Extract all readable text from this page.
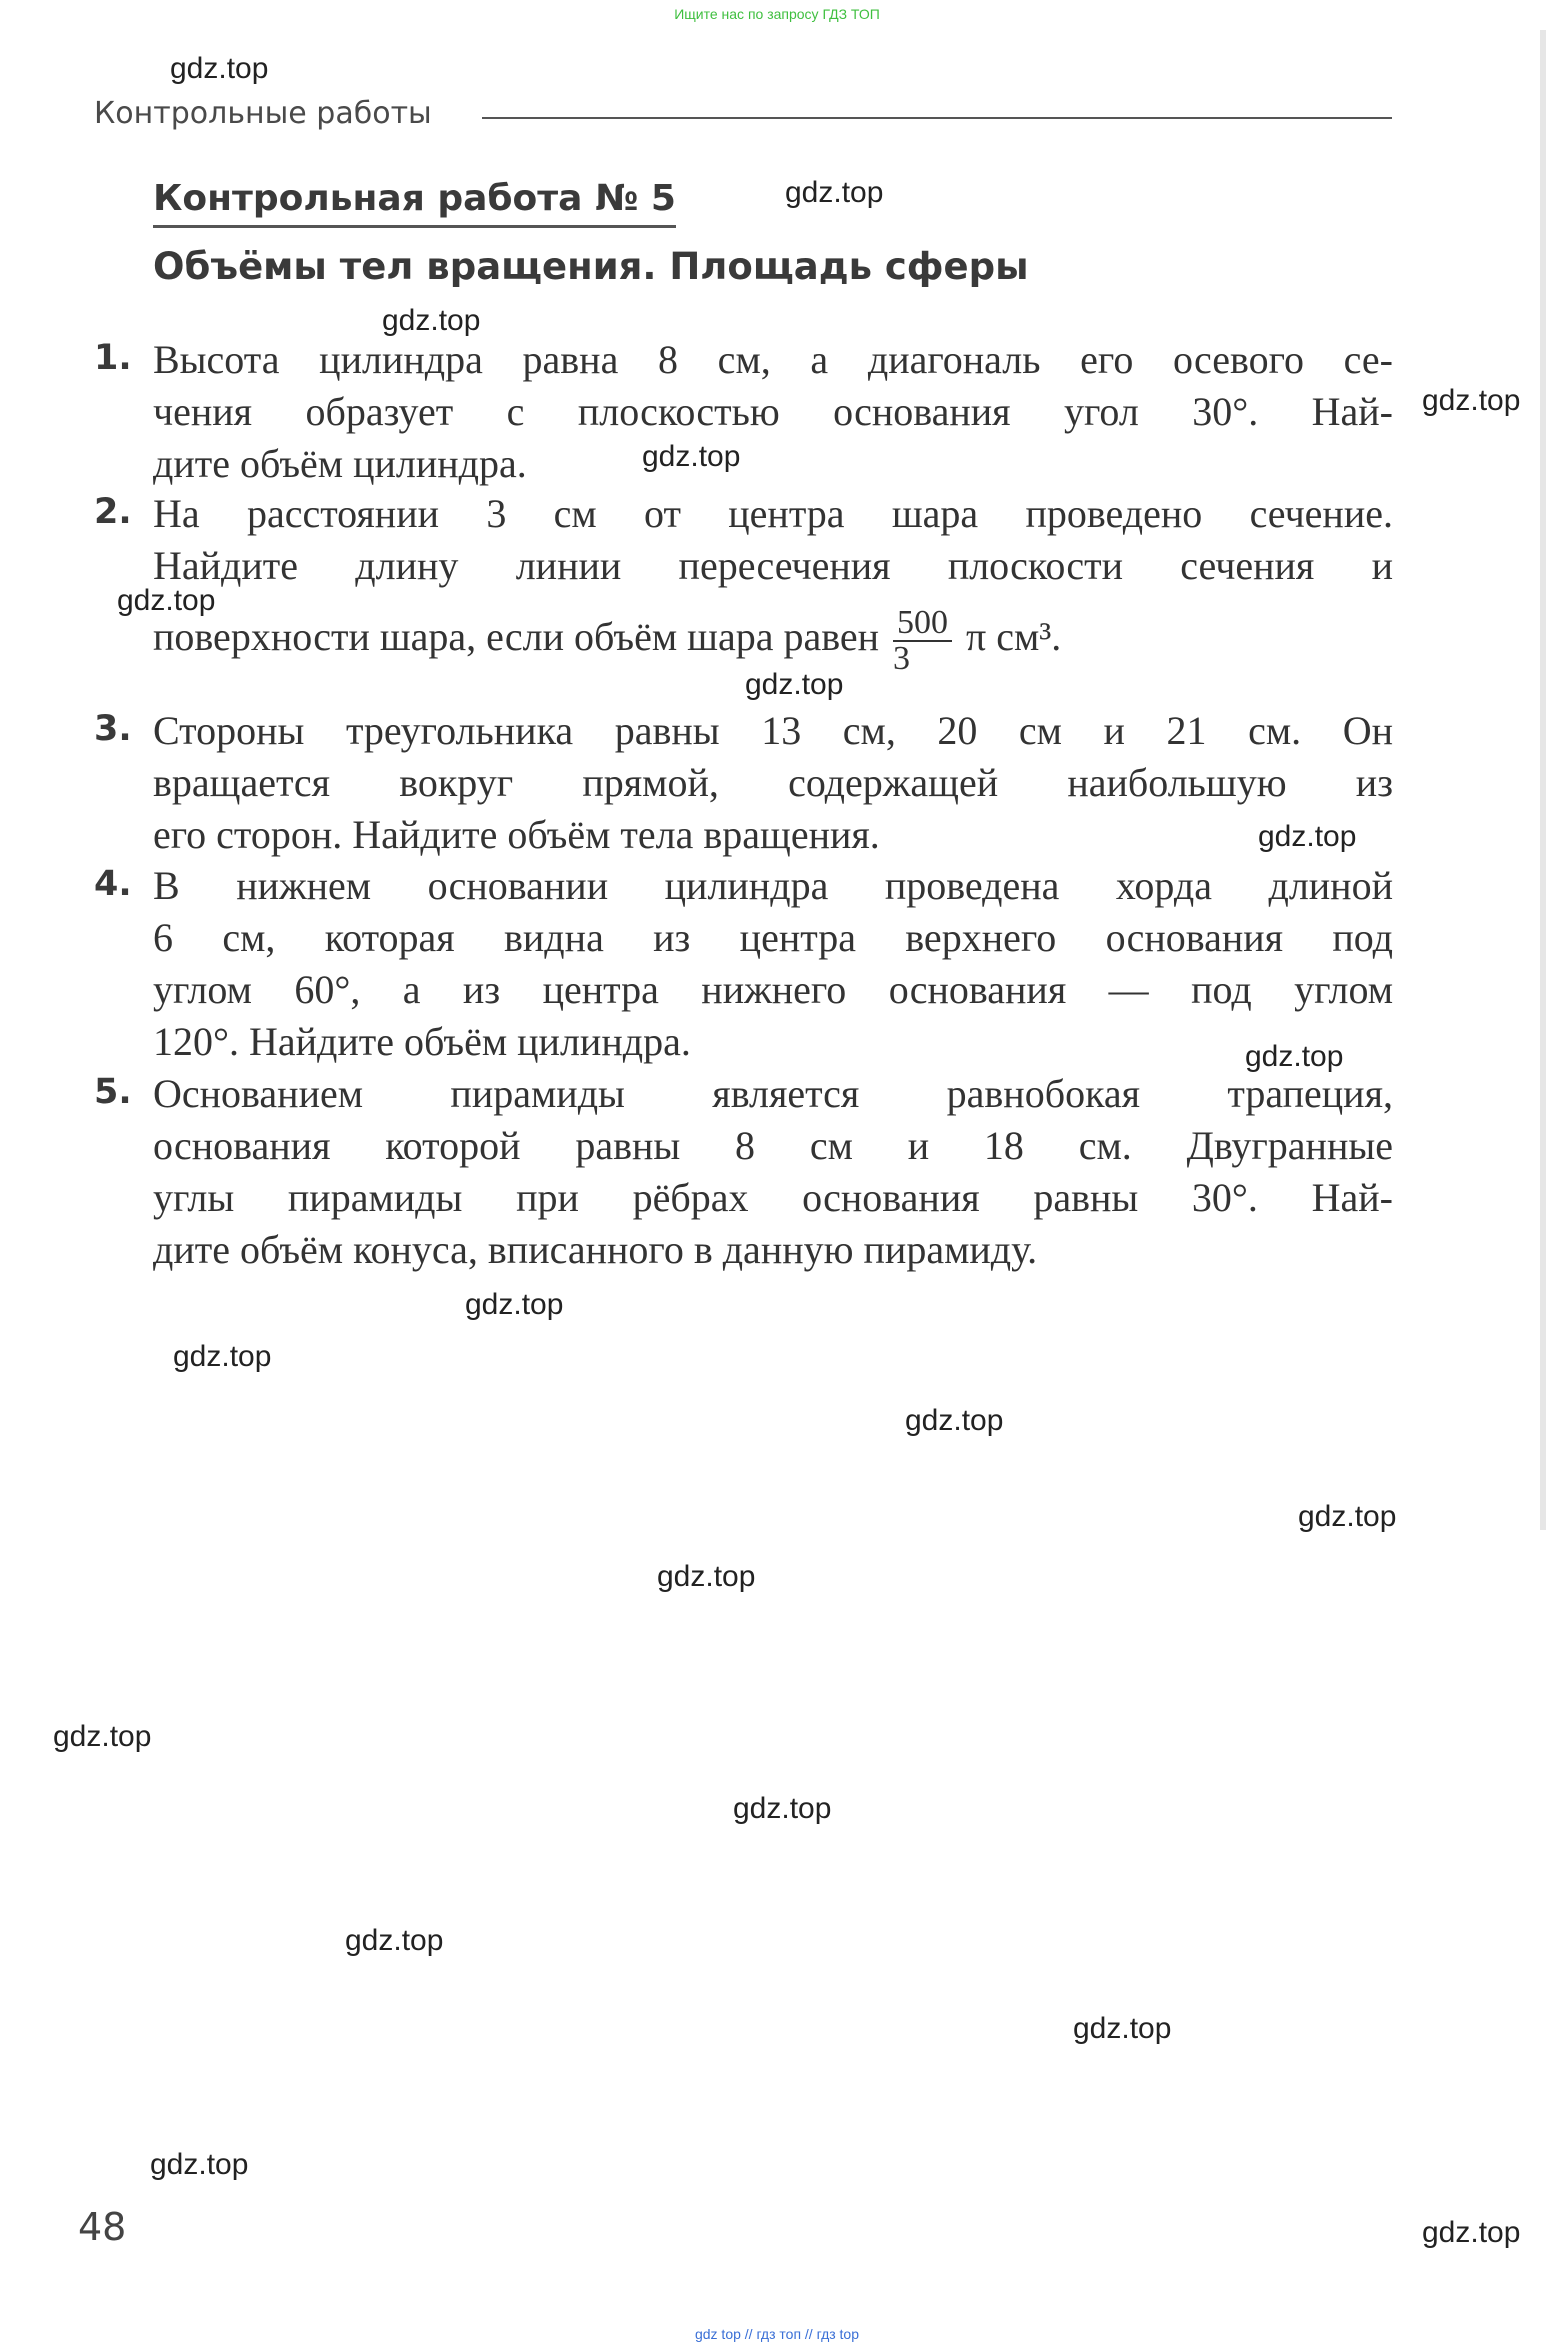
Ищите нас по запросу ГДЗ ТОП
Контрольные работы
Контрольная работа № 5
Объёмы тел вращения. Площадь сферы
1. Высота цилиндра равна 8 см, а диагональ его осевого се-
чения образует с плоскостью основания угол 30°. Най-
дите объём цилиндра.
2. На расстоянии 3 см от центра шара проведено сечение.
Найдите длину линии пересечения плоскости сечения и
поверхности шара, если объём шара равен $\frac{500}{3}$ π см³.
3. Стороны треугольника равны 13 см, 20 см и 21 см. Он
вращается вокруг прямой, содержащей наибольшую из
его сторон. Найдите объём тела вращения.
4. В нижнем основании цилиндра проведена хорда длиной
6 см, которая видна из центра верхнего основания под
углом 60°, а из центра нижнего основания — под углом
120°. Найдите объём цилиндра.
5. Основанием пирамиды является равнобокая трапеция,
основания которой равны 8 см и 18 см. Двугранные
углы пирамиды при рёбрах основания равны 30°. Най-
дите объём конуса, вписанного в данную пирамиду.
gdz.top
gdz.top
gdz.top
gdz.top
gdz.top
gdz.top
gdz.top
gdz.top
gdz.top
gdz.top
gdz.top
gdz.top
gdz.top
gdz.top
gdz.top
gdz.top
gdz.top
gdz.top
gdz.top
gdz.top
48
gdz top // гдз топ // гдз top
